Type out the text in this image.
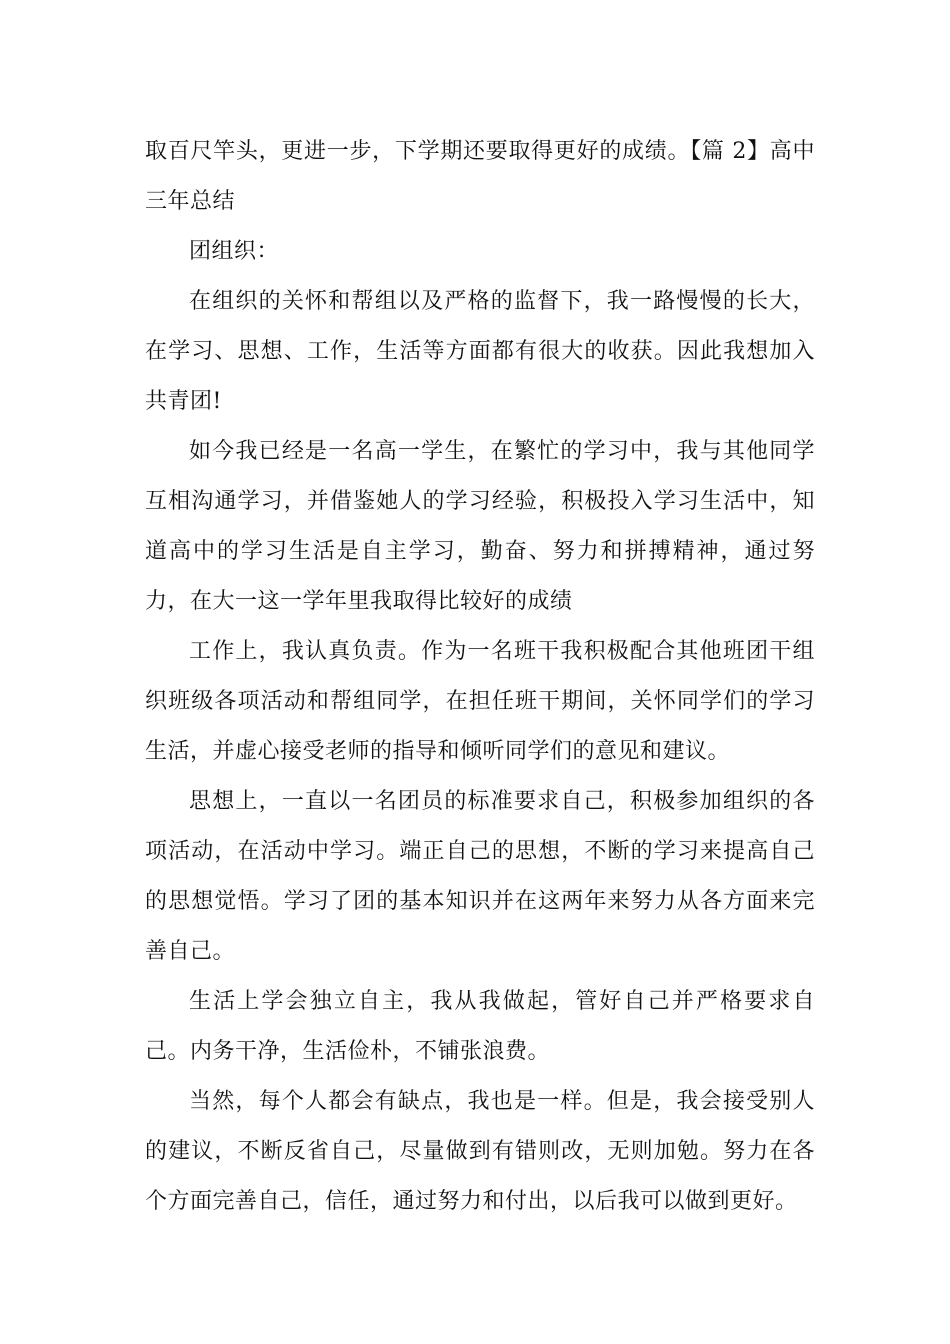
取百尺竿头，更进一步，下学期还要取得更好的成绩。【篇 2】高中三年总结

团组织：

在组织的关怀和帮组以及严格的监督下，我一路慢慢的长大，在学习、思想、工作，生活等方面都有很大的收获。因此我想加入共青团!

如今我已经是一名高一学生，在繁忙的学习中，我与其他同学互相沟通学习，并借鉴她人的学习经验，积极投入学习生活中，知道高中的学习生活是自主学习，勤奋、努力和拼搏精神，通过努力，在大一这一学年里我取得比较好的成绩

工作上，我认真负责。作为一名班干我积极配合其他班团干组织班级各项活动和帮组同学，在担任班干期间，关怀同学们的学习生活，并虚心接受老师的指导和倾听同学们的意见和建议。

思想上，一直以一名团员的标准要求自己，积极参加组织的各项活动，在活动中学习。端正自己的思想，不断的学习来提高自己的思想觉悟。学习了团的基本知识并在这两年来努力从各方面来完善自己。

生活上学会独立自主，我从我做起，管好自己并严格要求自己。内务干净，生活俭朴，不铺张浪费。

当然，每个人都会有缺点，我也是一样。但是，我会接受别人的建议，不断反省自己，尽量做到有错则改，无则加勉。努力在各个方面完善自己，信任，通过努力和付出，以后我可以做到更好。
